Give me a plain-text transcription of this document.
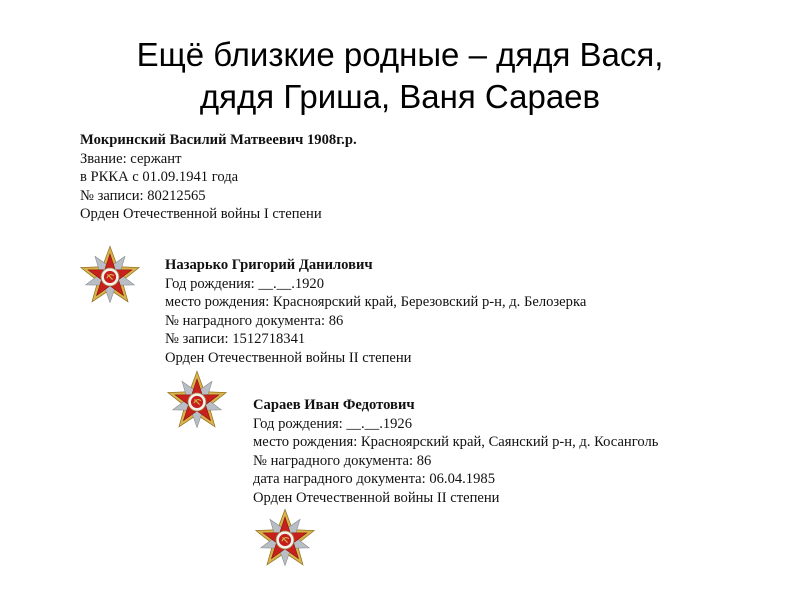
Ещё близкие родные – дядя Вася,
дядя Гриша, Ваня Сараев
Мокринский Василий Матвеевич 1908г.р.
Звание: сержант
в РККА с 01.09.1941 года
№ записи: 80212565
Орден Отечественной войны I степени
Назарько Григорий Данилович
Год рождения: __.__.1920
место рождения: Красноярский край, Березовский р-н, д. Белозерка
№ наградного документа: 86
№ записи: 1512718341
Орден Отечественной войны II степени
Сараев Иван Федотович
Год рождения: __.__.1926
место рождения: Красноярский край, Саянский р-н, д. Косанголь
№ наградного документа: 86
дата наградного документа: 06.04.1985
Орден Отечественной войны II степени
